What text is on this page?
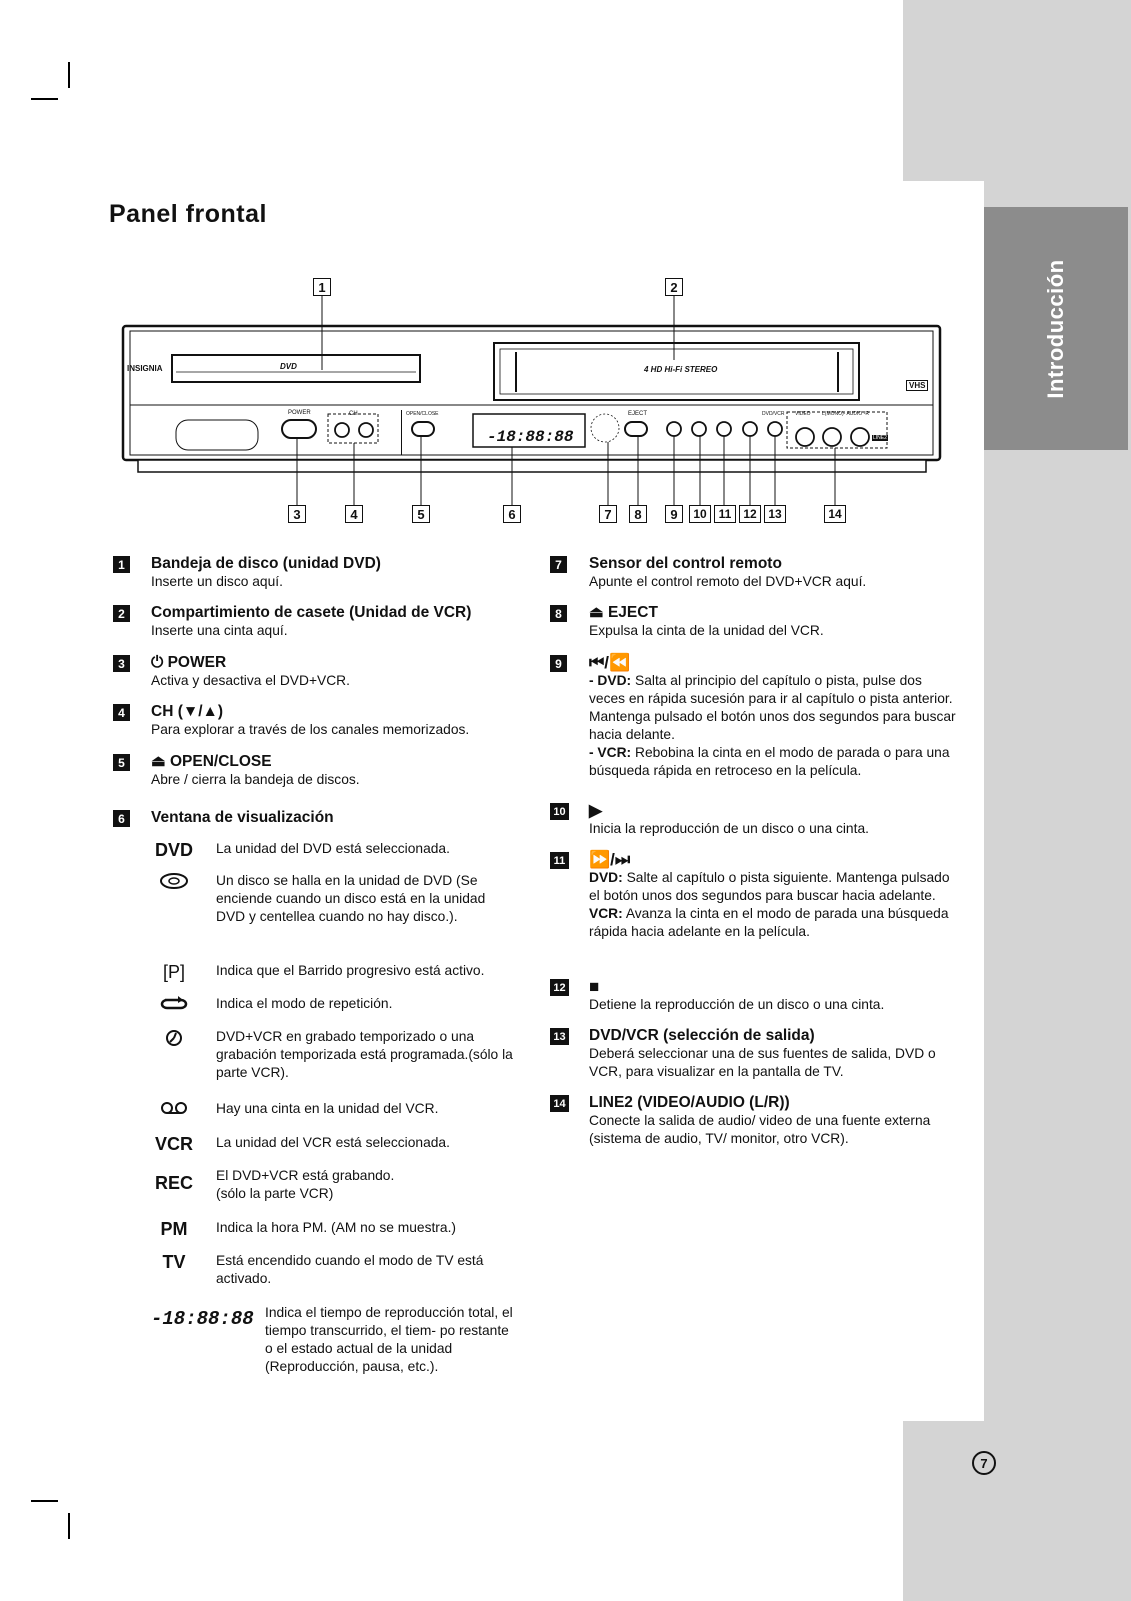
Introducción
7
Panel frontal
-18:88:88
INSIGNIA	DVD	4 HD Hi-Fi STEREO
VHS
POWER	CH	OPEN/CLOSE	EJECT	DVD/VCR VIDEO L(MONO)- AUDIO -R
LINE2
1	2
3	4	5	6	7	8	9	10 11 12 13	14
1	Bandeja de disco (unidad DVD)
Inserte un disco aquí.
2	Compartimiento de casete (Unidad de VCR)
Inserte una cinta aquí.
3	⏻ POWER
Activa y desactiva el DVD+VCR.
4	CH (▼/▲)
Para explorar a través de los canales memorizados.
5	⏏ OPEN/CLOSE
Abre / cierra la bandeja de discos.
6	Ventana de visualización
DVD La unidad del DVD está seleccionada.
Un disco se halla en la unidad de DVD (Se enciende cuando un disco está en la unidad DVD y centellea cuando no hay disco.).
[P]	Indica que el Barrido progresivo está activo.
Indica el modo de repetición.
DVD+VCR en grabado temporizado o una grabación temporizada está programada.(sólo la parte VCR).
Hay una cinta en la unidad del VCR.
VCR La unidad del VCR está seleccionada.
REC El DVD+VCR está grabando. (sólo la parte VCR)
PM	Indica la hora PM. (AM no se muestra.)
TV	Está encendido cuando el modo de TV está activado.
-18:88:88 Indica el tiempo de reproducción total, el tiempo transcurrido, el tiem- po restante o el estado actual de la unidad (Reproducción, pausa, etc.).
7	Sensor del control remoto
Apunte el control remoto del DVD+VCR aquí.
8	⏏ EJECT
Expulsa la cinta de la unidad del VCR.
9	⏮/⏪
- DVD: Salta al principio del capítulo o pista, pulse dos veces en rápida sucesión para ir al capítulo o pista anterior. Mantenga pulsado el botón unos dos segundos para buscar hacia delante.
- VCR: Rebobina la cinta en el modo de parada o para una búsqueda rápida en retroceso en la película.
10 ▶
Inicia la reproducción de un disco o una cinta.
11 ⏩/⏭
DVD: Salte al capítulo o pista siguiente. Mantenga pulsado el botón unos dos segundos para buscar hacia adelante.
VCR: Avanza la cinta en el modo de parada una búsqueda rápida hacia adelante en la película.
12 ■
Detiene la reproducción de un disco o una cinta.
13 DVD/VCR (selección de salida)
Deberá seleccionar una de sus fuentes de salida, DVD o VCR, para visualizar en la pantalla de TV.
14 LINE2 (VIDEO/AUDIO (L/R))
Conecte la salida de audio/ video de una fuente externa (sistema de audio, TV/ monitor, otro VCR).
